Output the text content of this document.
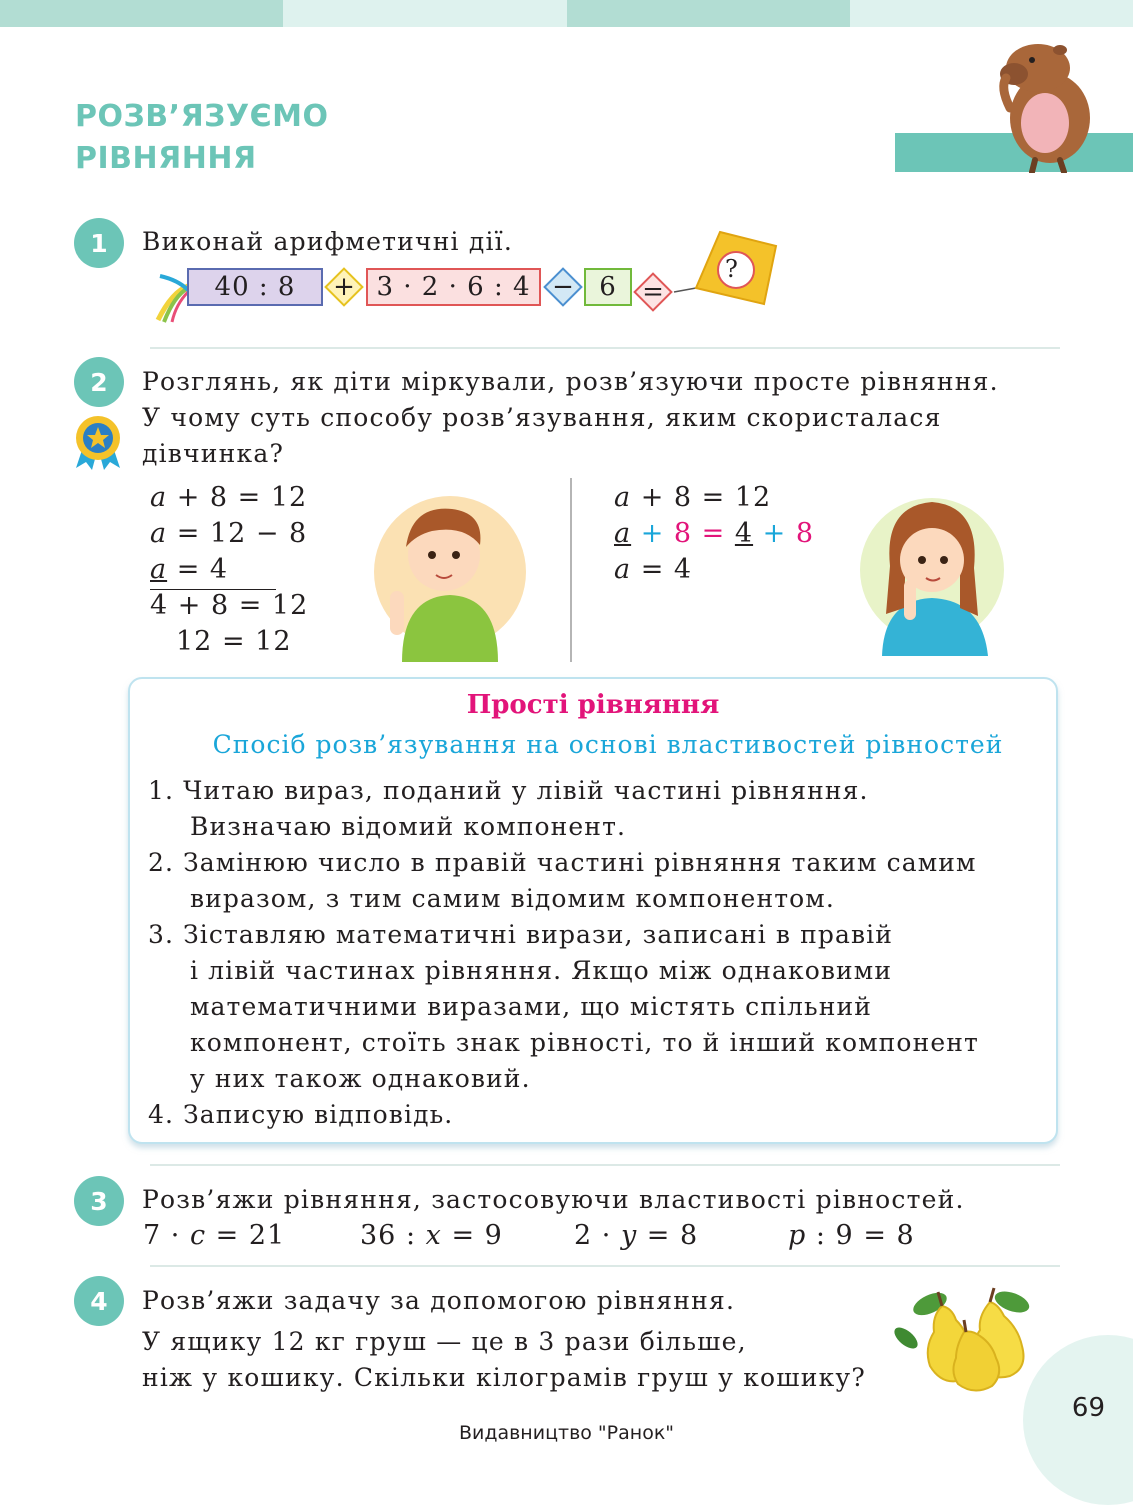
РОЗВ’ЯЗУЄМО
РІВНЯННЯ
1	Виконай арифметичні дії.
40 : 8	+ 3 · 2 · 6 : 4 − 6 =
?
2	Розглянь, як діти міркували, розв’язуючи просте рівняння.
У чому суть способу розв’язування, яким скористалася
дівчинка?
a + 8 = 12
a = 12 − 8
a = 4
4 + 8 = 12
12 = 12
a + 8 = 12
a + 8 = 4 + 8
a = 4
Прості рівняння
Спосіб розв’язування на основі властивостей рівностей
1. Читаю вираз, поданий у лівій частині рівняння.
Визначаю відомий компонент.
2. Замінюю число в правій частині рівняння таким самим
виразом, з тим самим відомим компонентом.
3. Зіставляю математичні вирази, записані в правій
і лівій частинах рівняння. Якщо між однаковими
математичними виразами, що містять спільний
компонент, стоїть знак рівності, то й інший компонент
у них також однаковий.
4. Записую відповідь.
3	Розв’яжи рівняння, застосовуючи властивості рівностей.
7 · c = 21	36 : x = 9	2 · y = 8	p : 9 = 8
4	Розв’яжи задачу за допомогою рівняння.
У ящику 12 кг груш — це в 3 рази більше,
ніж у кошику. Скільки кілограмів груш у кошику?
69
Видавництво "Ранок"
